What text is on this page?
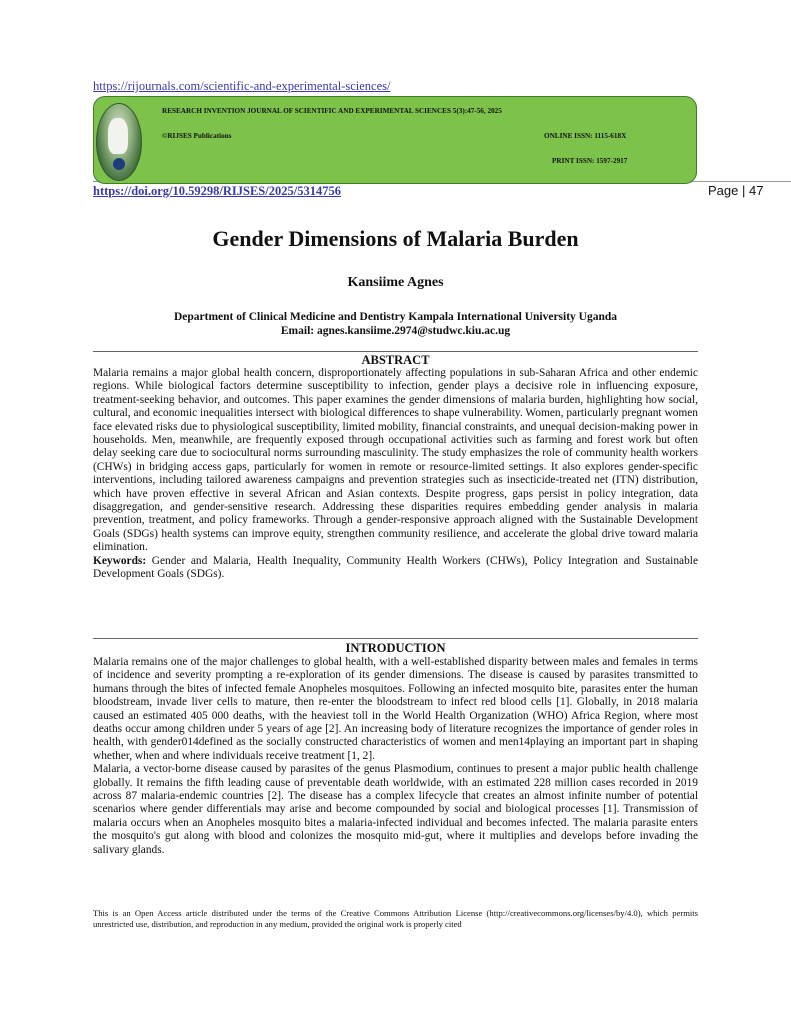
https://rijournals.com/scientific-and-experimental-sciences/
RESEARCH INVENTION JOURNAL OF SCIENTIFIC AND EXPERIMENTAL SCIENCES 5(3):47-56, 2025
©RIJSES Publications	ONLINE ISSN: 1115-618X
PRINT ISSN: 1597-2917
https://doi.org/10.59298/RIJSES/2025/5314756	Page | 47
Gender Dimensions of Malaria Burden
Kansiime Agnes
Department of Clinical Medicine and Dentistry Kampala International University Uganda
Email: agnes.kansiime.2974@studwc.kiu.ac.ug
ABSTRACT

Malaria remains a major global health concern, disproportionately affecting populations in sub-Saharan Africa and other endemic regions. While biological factors determine susceptibility to infection, gender plays a decisive role in influencing exposure, treatment-seeking behavior, and outcomes. This paper examines the gender dimensions of malaria burden, highlighting how social, cultural, and economic inequalities intersect with biological differences to shape vulnerability. Women, particularly pregnant women face elevated risks due to physiological susceptibility, limited mobility, financial constraints, and unequal decision-making power in households. Men, meanwhile, are frequently exposed through occupational activities such as farming and forest work but often delay seeking care due to sociocultural norms surrounding masculinity. The study emphasizes the role of community health workers (CHWs) in bridging access gaps, particularly for women in remote or resource-limited settings. It also explores gender-specific interventions, including tailored awareness campaigns and prevention strategies such as insecticide-treated net (ITN) distribution, which have proven effective in several African and Asian contexts. Despite progress, gaps persist in policy integration, data disaggregation, and gender-sensitive research. Addressing these disparities requires embedding gender analysis in malaria prevention, treatment, and policy frameworks. Through a gender-responsive approach aligned with the Sustainable Development Goals (SDGs) health systems can improve equity, strengthen community resilience, and accelerate the global drive toward malaria elimination.

Keywords: Gender and Malaria, Health Inequality, Community Health Workers (CHWs), Policy Integration and Sustainable Development Goals (SDGs).

INTRODUCTION

Malaria remains one of the major challenges to global health, with a well-established disparity between males and females in terms of incidence and severity prompting a re-exploration of its gender dimensions. The disease is caused by parasites transmitted to humans through the bites of infected female Anopheles mosquitoes. Following an infected mosquito bite, parasites enter the human bloodstream, invade liver cells to mature, then re-enter the bloodstream to infect red blood cells [1]. Globally, in 2018 malaria caused an estimated 405 000 deaths, with the heaviest toll in the World Health Organization (WHO) Africa Region, where most deaths occur among children under 5 years of age [2]. An increasing body of literature recognizes the importance of gender roles in health, with gender014defined as the socially constructed characteristics of women and men14playing an important part in shaping whether, when and where individuals receive treatment [1, 2].

Malaria, a vector-borne disease caused by parasites of the genus Plasmodium, continues to present a major public health challenge globally. It remains the fifth leading cause of preventable death worldwide, with an estimated 228 million cases recorded in 2019 across 87 malaria-endemic countries [2]. The disease has a complex lifecycle that creates an almost infinite number of potential scenarios where gender differentials may arise and become compounded by social and biological processes [1]. Transmission of malaria occurs when an Anopheles mosquito bites a malaria-infected individual and becomes infected. The malaria parasite enters the mosquito's gut along with blood and colonizes the mosquito mid-gut, where it multiplies and develops before invading the salivary glands.

This is an Open Access article distributed under the terms of the Creative Commons Attribution License (http://creativecommons.org/licenses/by/4.0), which permits unrestricted use, distribution, and reproduction in any medium, provided the original work is properly cited
